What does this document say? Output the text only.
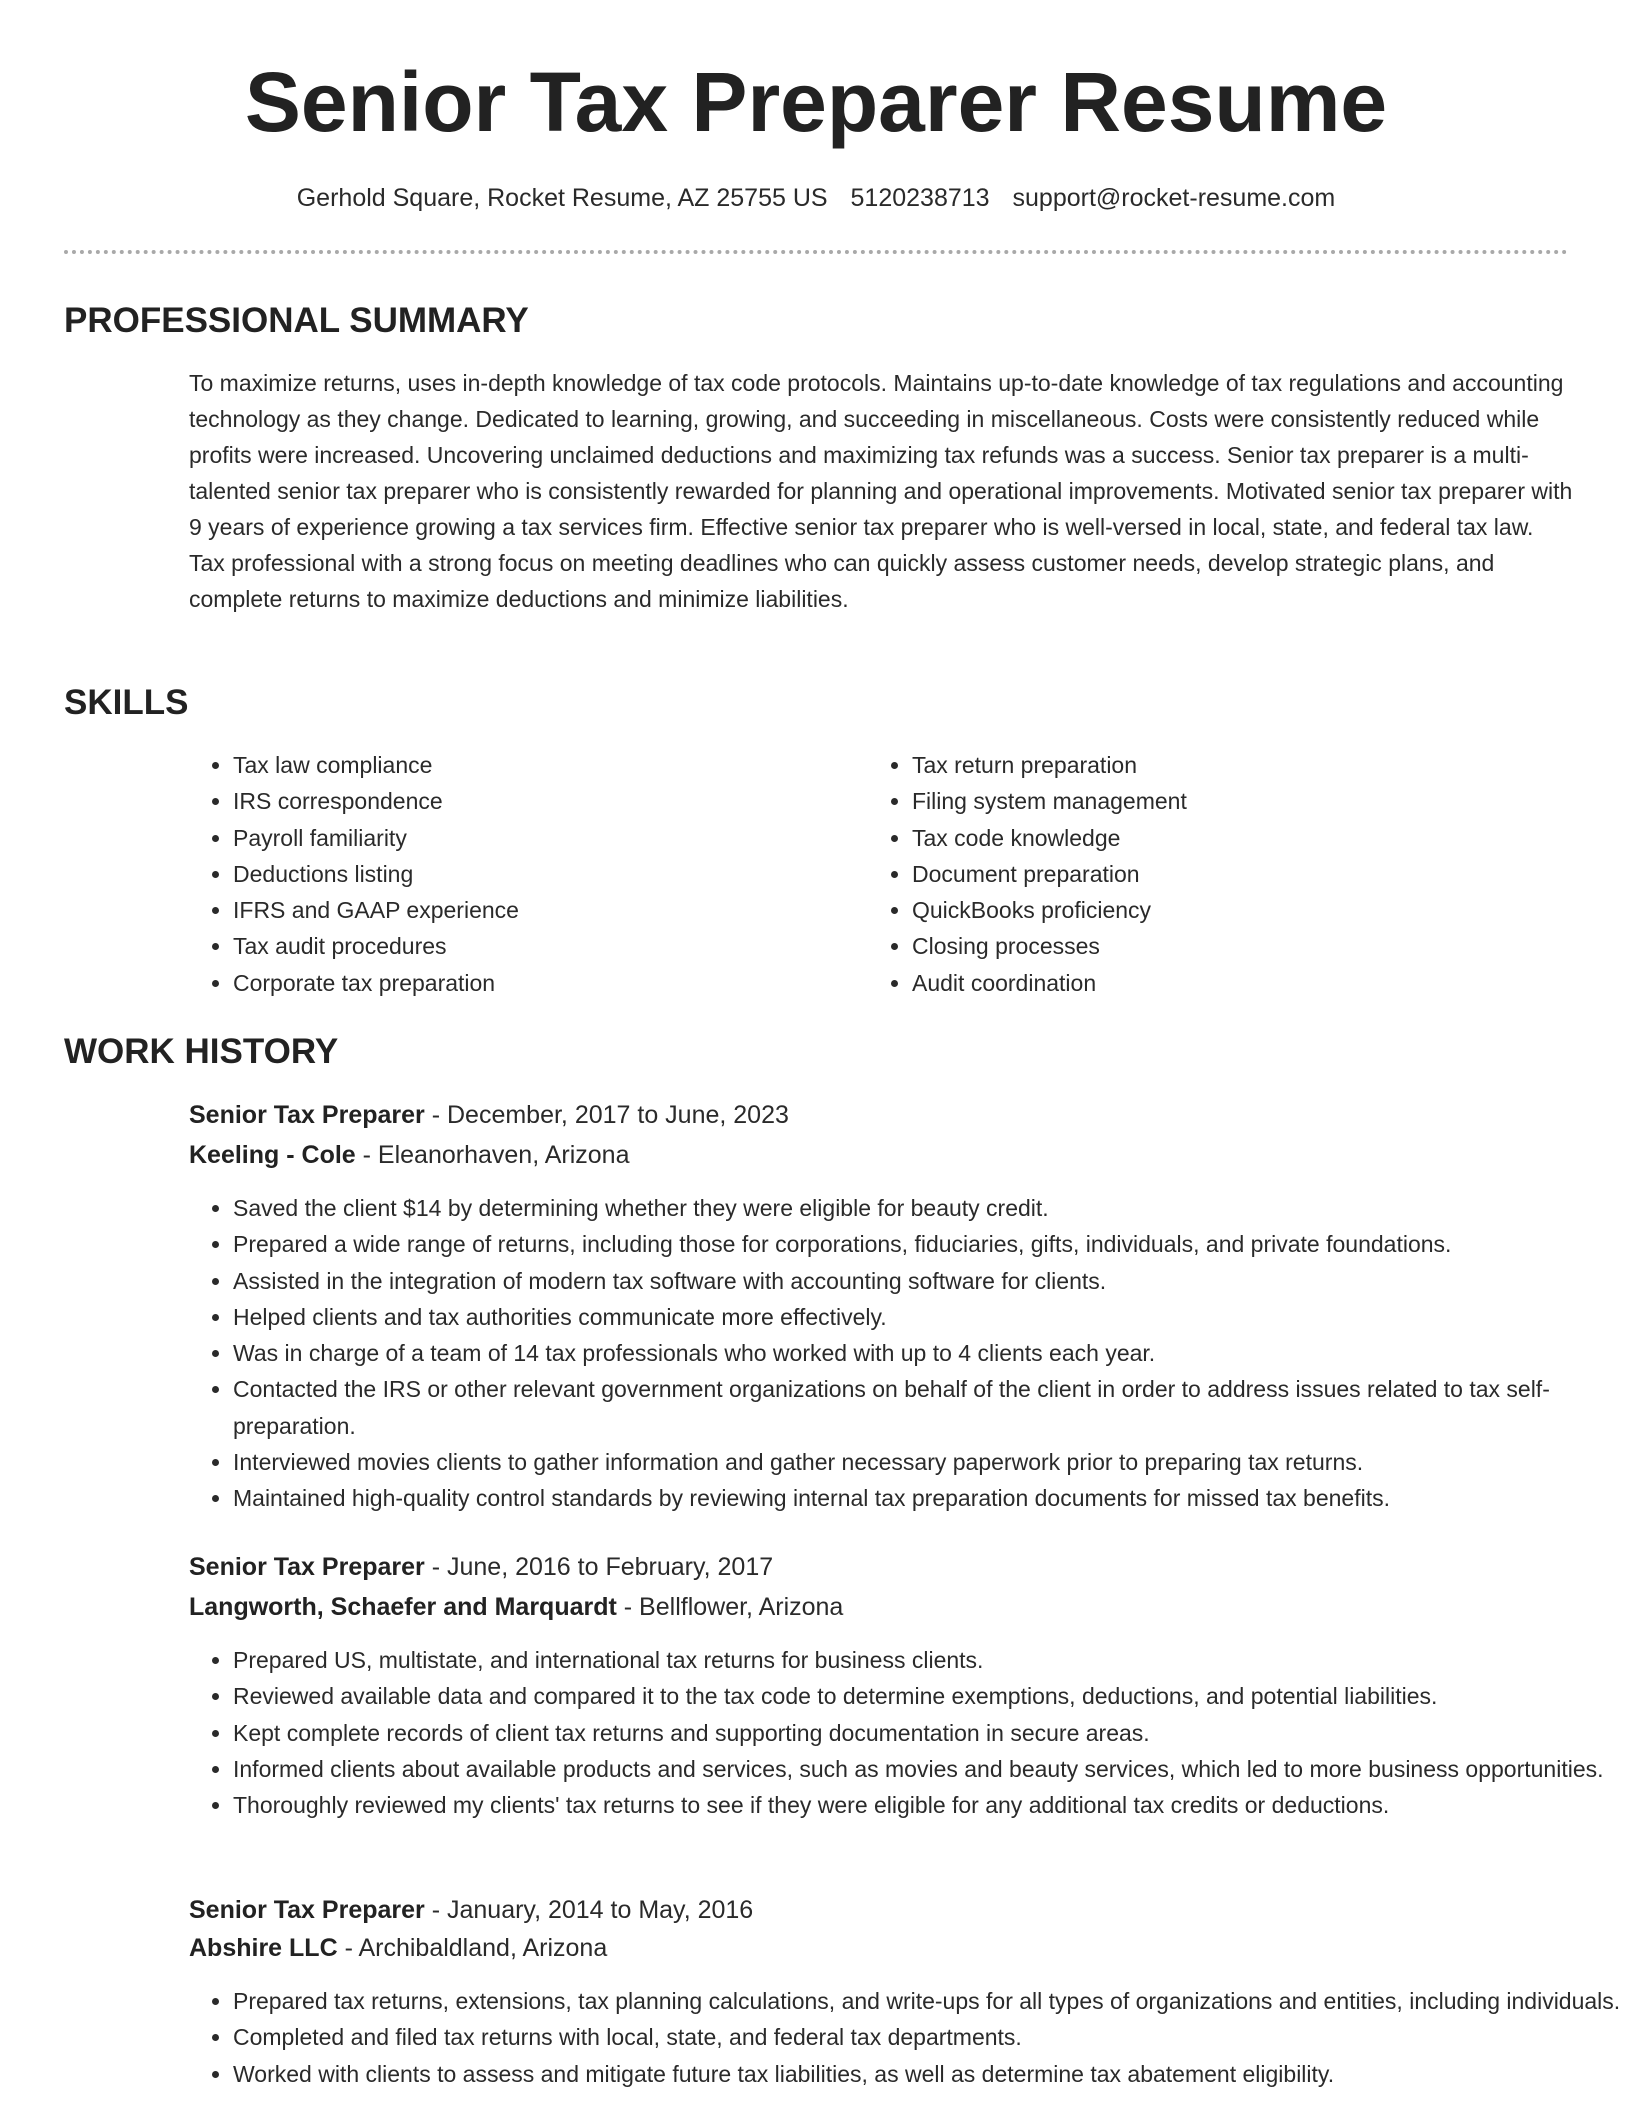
Senior Tax Preparer Resume
Gerhold Square, Rocket Resume, AZ 25755 US 5120238713 support@rocket-resume.com
PROFESSIONAL SUMMARY

To maximize returns, uses in-depth knowledge of tax code protocols. Maintains up-to-date knowledge of tax regulations and accounting technology as they change. Dedicated to learning, growing, and succeeding in miscellaneous. Costs were consistently reduced while profits were increased. Uncovering unclaimed deductions and maximizing tax refunds was a success. Senior tax preparer is a multi-talented senior tax preparer who is consistently rewarded for planning and operational improvements. Motivated senior tax preparer with 9 years of experience growing a tax services firm. Effective senior tax preparer who is well-versed in local, state, and federal tax law. Tax professional with a strong focus on meeting deadlines who can quickly assess customer needs, develop strategic plans, and complete returns to maximize deductions and minimize liabilities.

SKILLS
• Tax law compliance
• IRS correspondence
• Payroll familiarity
• Deductions listing
• IFRS and GAAP experience
• Tax audit procedures
• Corporate tax preparation
• Tax return preparation
• Filing system management
• Tax code knowledge
• Document preparation
• QuickBooks proficiency
• Closing processes
• Audit coordination
WORK HISTORY
Senior Tax Preparer - December, 2017 to June, 2023
Keeling - Cole - Eleanorhaven, Arizona
• Saved the client $14 by determining whether they were eligible for beauty credit.
• Prepared a wide range of returns, including those for corporations, fiduciaries, gifts, individuals, and private foundations.
• Assisted in the integration of modern tax software with accounting software for clients.
• Helped clients and tax authorities communicate more effectively.
• Was in charge of a team of 14 tax professionals who worked with up to 4 clients each year.
• Contacted the IRS or other relevant government organizations on behalf of the client in order to address issues related to tax self-preparation.
• Interviewed movies clients to gather information and gather necessary paperwork prior to preparing tax returns.
• Maintained high-quality control standards by reviewing internal tax preparation documents for missed tax benefits.
Senior Tax Preparer - June, 2016 to February, 2017
Langworth, Schaefer and Marquardt - Bellflower, Arizona
• Prepared US, multistate, and international tax returns for business clients.
• Reviewed available data and compared it to the tax code to determine exemptions, deductions, and potential liabilities.
• Kept complete records of client tax returns and supporting documentation in secure areas.
• Informed clients about available products and services, such as movies and beauty services, which led to more business opportunities.
• Thoroughly reviewed my clients' tax returns to see if they were eligible for any additional tax credits or deductions.
Senior Tax Preparer - January, 2014 to May, 2016
Abshire LLC - Archibaldland, Arizona
• Prepared tax returns, extensions, tax planning calculations, and write-ups for all types of organizations and entities, including individuals.
• Completed and filed tax returns with local, state, and federal tax departments.
• Worked with clients to assess and mitigate future tax liabilities, as well as determine tax abatement eligibility.
